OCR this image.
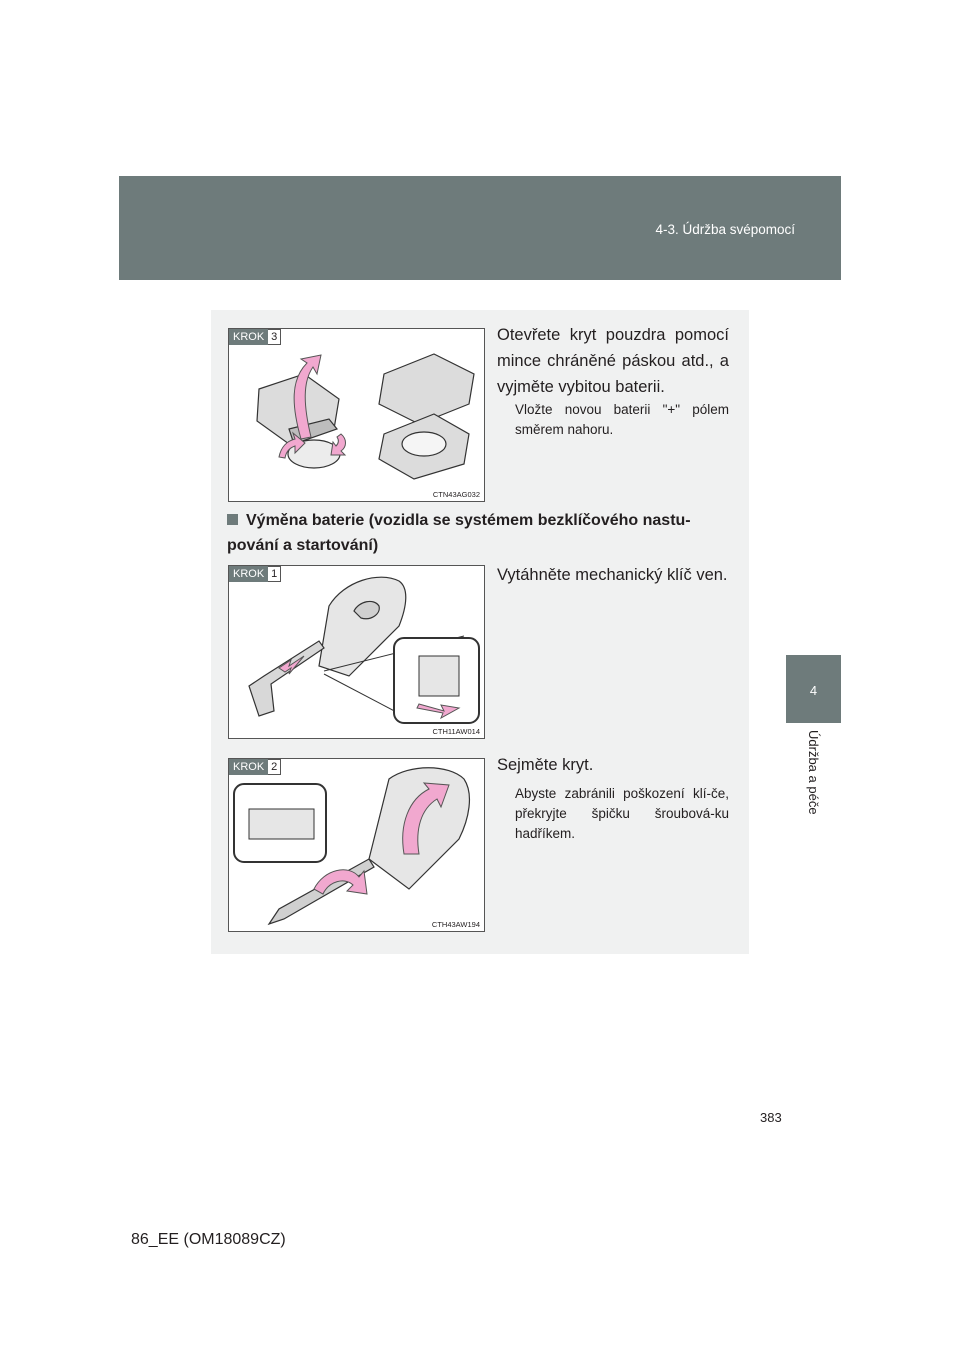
4-3. Údržba svépomocí
4
Údržba a péče
KROK 3
CTN43AG032
Otevřete kryt pouzdra pomocí mince chráněné páskou atd., a vyjměte vybitou baterii.
Vložte novou baterii "+" pólem směrem nahoru.
Výměna baterie (vozidla se systémem bezklíčového nastu-pování a startování)
KROK 1
CTH11AW014
Vytáhněte mechanický klíč ven.
KROK 2
CTH43AW194
Sejměte kryt.
Abyste zabránili poškození klí-če, překryjte špičku šroubová-ku hadříkem.
383
86_EE (OM18089CZ)
